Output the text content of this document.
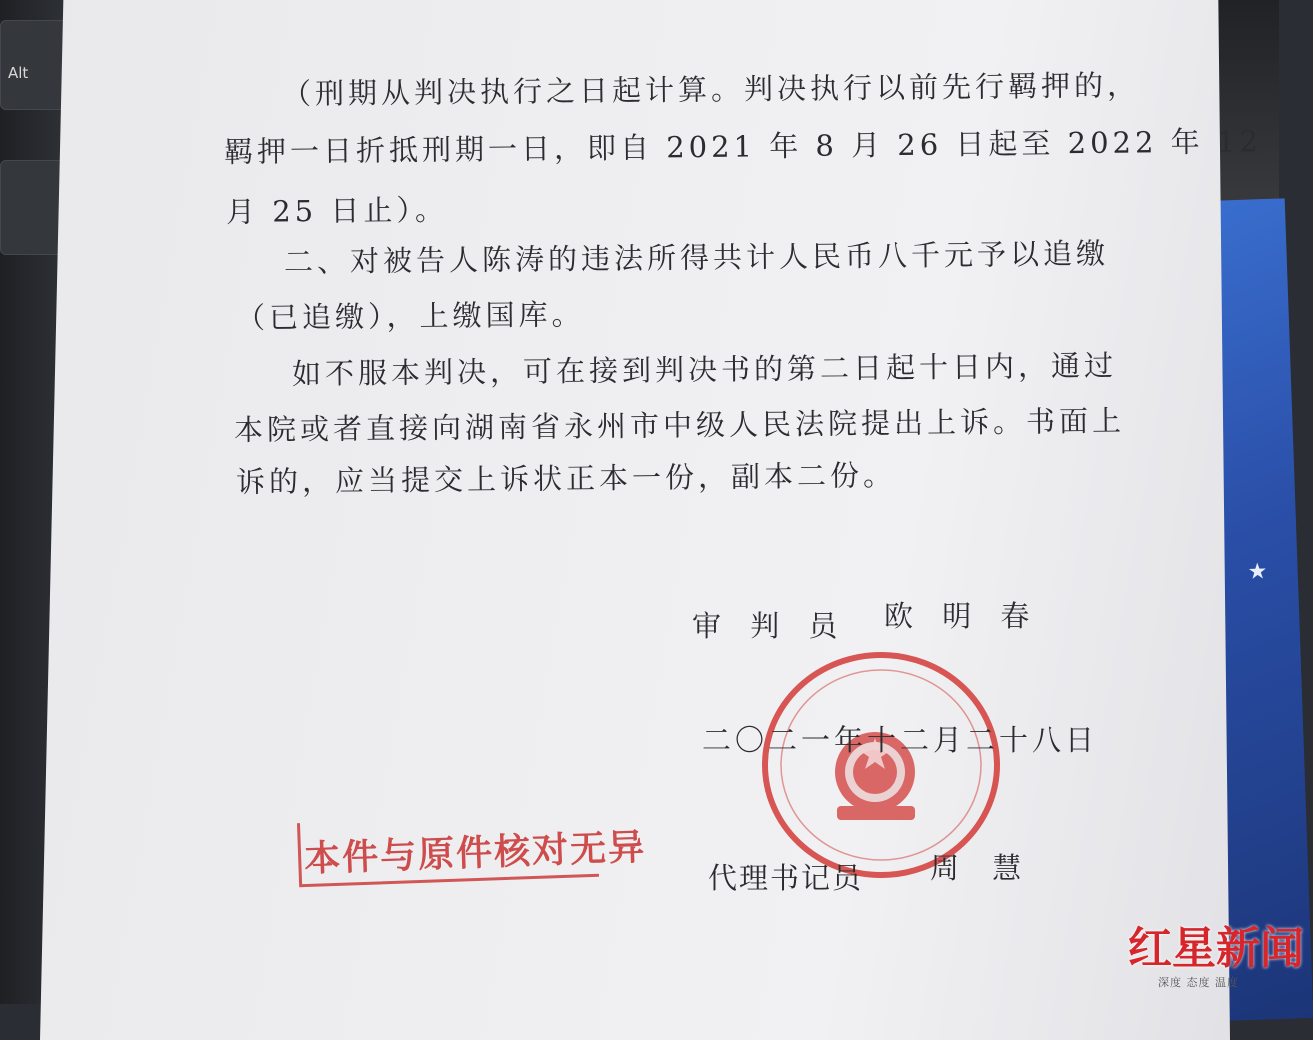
Alt
★
（刑期从判决执行之日起计算。判决执行以前先行羁押的，
羁押一日折抵刑期一日，即自 2021 年 8 月 26 日起至 2022 年 12
月 25 日止）。
二、对被告人陈涛的违法所得共计人民币八千元予以追缴
（已追缴），上缴国库。
如不服本判决，可在接到判决书的第二日起十日内，通过
本院或者直接向湖南省永州市中级人民法院提出上诉。书面上
诉的，应当提交上诉状正本一份，副本二份。
审 判 员 欧 明 春
二〇二一年十二月二十八日
代理书记员 周 慧
本件与原件核对无异
红星新闻
深度 态度 温度
